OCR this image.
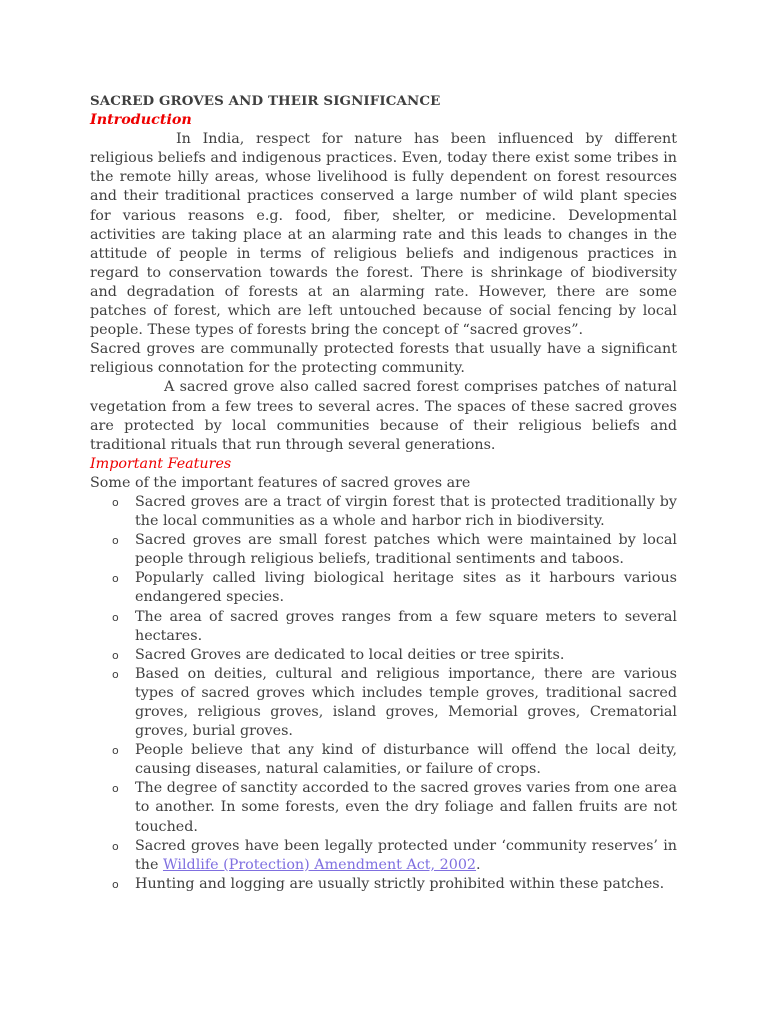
SACRED GROVES AND THEIR SIGNIFICANCE
Introduction

In India, respect for nature has been influenced by different religious beliefs and indigenous practices. Even, today there exist some tribes in the remote hilly areas, whose livelihood is fully dependent on forest resources and their traditional practices conserved a large number of wild plant species for various reasons e.g. food, fiber, shelter, or medicine. Developmental activities are taking place at an alarming rate and this leads to changes in the attitude of people in terms of religious beliefs and indigenous practices in regard to conservation towards the forest. There is shrinkage of biodiversity and degradation of forests at an alarming rate. However, there are some patches of forest, which are left untouched because of social fencing by local people. These types of forests bring the concept of “sacred groves”.

Sacred groves are communally protected forests that usually have a significant religious connotation for the protecting community.

A sacred grove also called sacred forest comprises patches of natural vegetation from a few trees to several acres. The spaces of these sacred groves are protected by local communities because of their religious beliefs and traditional rituals that run through several generations.

Important Features

Some of the important features of sacred groves are

o Sacred groves are a tract of virgin forest that is protected traditionally by the local communities as a whole and harbor rich in biodiversity.
o Sacred groves are small forest patches which were maintained by local people through religious beliefs, traditional sentiments and taboos.
o Popularly called living biological heritage sites as it harbours various endangered species.
o The area of sacred groves ranges from a few square meters to several hectares.
o Sacred Groves are dedicated to local deities or tree spirits.
o Based on deities, cultural and religious importance, there are various types of sacred groves which includes temple groves, traditional sacred groves, religious groves, island groves, Memorial groves, Crematorial groves, burial groves.
o People believe that any kind of disturbance will offend the local deity, causing diseases, natural calamities, or failure of crops.
o The degree of sanctity accorded to the sacred groves varies from one area to another. In some forests, even the dry foliage and fallen fruits are not touched.
o Sacred groves have been legally protected under ‘community reserves’ in the Wildlife (Protection) Amendment Act, 2002.
o Hunting and logging are usually strictly prohibited within these patches.
